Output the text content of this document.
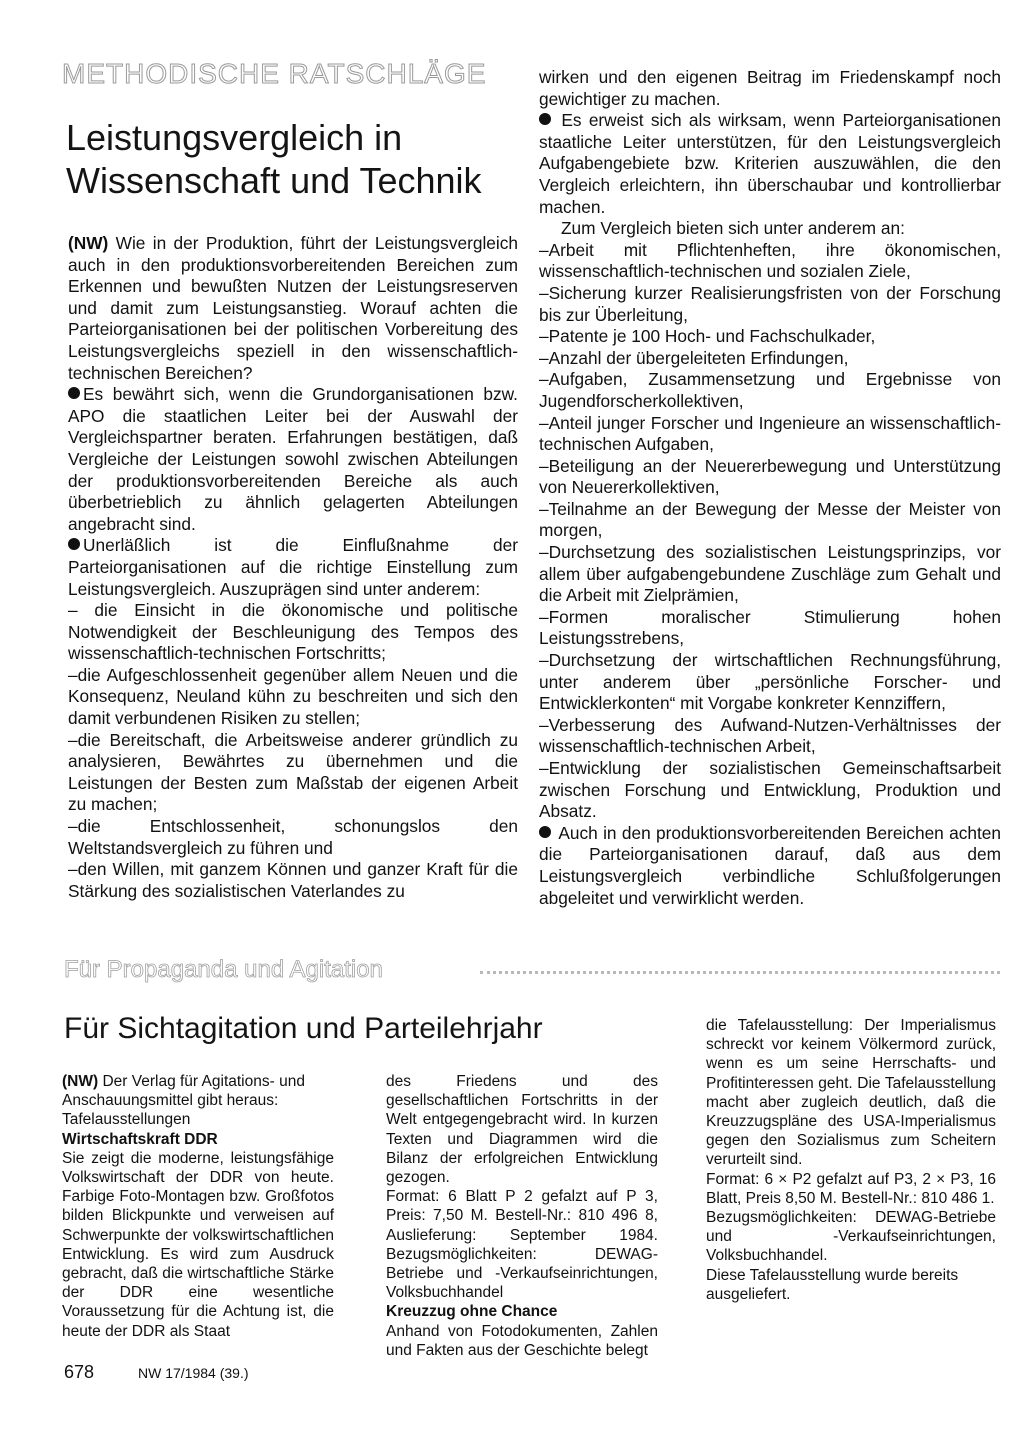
METHODISCHE RATSCHLÄGE
Leistungsvergleich in Wissenschaft und Technik

(NW) Wie in der Produktion, führt der Leistungsvergleich auch in den produktionsvorbereitenden Bereichen zum Erkennen und bewußten Nutzen der Leistungsreserven und damit zum Leistungsanstieg. Worauf achten die Parteiorganisationen bei der politischen Vorbereitung des Leistungsvergleichs speziell in den wissenschaftlich-technischen Bereichen?

Es bewährt sich, wenn die Grundorganisationen bzw. APO die staatlichen Leiter bei der Auswahl der Vergleichspartner beraten. Erfahrungen bestätigen, daß Vergleiche der Leistungen sowohl zwischen Abteilungen der produktionsvorbereitenden Bereiche als auch überbetrieblich zu ähnlich gelagerten Abteilungen angebracht sind.

Unerläßlich ist die Einflußnahme der Parteiorganisationen auf die richtige Einstellung zum Leistungsvergleich. Auszuprägen sind unter anderem:

– die Einsicht in die ökonomische und politische Notwendigkeit der Beschleunigung des Tempos des wissenschaftlich-technischen Fortschritts;

–die Aufgeschlossenheit gegenüber allem Neuen und die Konsequenz, Neuland kühn zu beschreiten und sich den damit verbundenen Risiken zu stellen;

–die Bereitschaft, die Arbeitsweise anderer gründlich zu analysieren, Bewährtes zu übernehmen und die Leistungen der Besten zum Maßstab der eigenen Arbeit zu machen;

–die Entschlossenheit, schonungslos den Weltstandsvergleich zu führen und

–den Willen, mit ganzem Können und ganzer Kraft für die Stärkung des sozialistischen Vaterlandes zu

wirken und den eigenen Beitrag im Friedenskampf noch gewichtiger zu machen.

Es erweist sich als wirksam, wenn Parteiorganisationen staatliche Leiter unterstützen, für den Leistungsvergleich Aufgabengebiete bzw. Kriterien auszuwählen, die den Vergleich erleichtern, ihn überschaubar und kontrollierbar machen.

Zum Vergleich bieten sich unter anderem an:

–Arbeit mit Pflichtenheften, ihre ökonomischen, wissenschaftlich-technischen und sozialen Ziele,

–Sicherung kurzer Realisierungsfristen von der Forschung bis zur Überleitung,

–Patente je 100 Hoch- und Fachschulkader,

–Anzahl der übergeleiteten Erfindungen,

–Aufgaben, Zusammensetzung und Ergebnisse von Jugendforscherkollektiven,

–Anteil junger Forscher und Ingenieure an wissenschaftlich-technischen Aufgaben,

–Beteiligung an der Neuererbewegung und Unterstützung von Neuererkollektiven,

–Teilnahme an der Bewegung der Messe der Meister von morgen,

–Durchsetzung des sozialistischen Leistungsprinzips, vor allem über aufgabengebundene Zuschläge zum Gehalt und die Arbeit mit Zielprämien,

–Formen moralischer Stimulierung hohen Leistungsstrebens,

–Durchsetzung der wirtschaftlichen Rechnungsführung, unter anderem über „persönliche Forscher- und Entwicklerkonten“ mit Vorgabe konkreter Kennziffern,

–Verbesserung des Aufwand-Nutzen-Verhältnisses der wissenschaftlich-technischen Arbeit,

–Entwicklung der sozialistischen Gemeinschaftsarbeit zwischen Forschung und Entwicklung, Produktion und Absatz.

Auch in den produktionsvorbereitenden Bereichen achten die Parteiorganisationen darauf, daß aus dem Leistungsvergleich verbindliche Schlußfolgerungen abgeleitet und verwirklicht werden.

Für Propaganda und Agitation
Für Sichtagitation und Parteilehrjahr

(NW) Der Verlag für Agitations- und Anschauungsmittel gibt heraus:

Tafelausstellungen

Wirtschaftskraft DDR

Sie zeigt die moderne, leistungsfähige Volkswirtschaft der DDR von heute. Farbige Foto-Montagen bzw. Großfotos bilden Blickpunkte und verweisen auf Schwerpunkte der volkswirtschaftlichen Entwicklung. Es wird zum Ausdruck gebracht, daß die wirtschaftliche Stärke der DDR eine wesentliche Voraussetzung für die Achtung ist, die heute der DDR als Staat

des Friedens und des gesellschaftlichen Fortschritts in der Welt entgegengebracht wird. In kurzen Texten und Diagrammen wird die Bilanz der erfolgreichen Entwicklung gezogen.

Format: 6 Blatt P 2 gefalzt auf P 3, Preis: 7,50 M. Bestell-Nr.: 810 496 8, Auslieferung: September 1984. Bezugsmöglichkeiten: DEWAG-Betriebe und -Verkaufseinrichtungen, Volksbuchhandel

Kreuzzug ohne Chance

Anhand von Fotodokumenten, Zahlen und Fakten aus der Geschichte belegt

die Tafelausstellung: Der Imperialismus schreckt vor keinem Völkermord zurück, wenn es um seine Herrschafts- und Profitinteressen geht. Die Tafelausstellung macht aber zugleich deutlich, daß die Kreuzzugspläne des USA-Imperialismus gegen den Sozialismus zum Scheitern verurteilt sind.

Format: 6 × P2 gefalzt auf P3, 2 × P3, 16 Blatt, Preis 8,50 M. Bestell-Nr.: 810 486 1.

Bezugsmöglichkeiten: DEWAG-Betriebe und -Verkaufseinrichtungen, Volksbuchhandel.

Diese Tafelausstellung wurde bereits ausgeliefert.

678	NW 17/1984 (39.)
